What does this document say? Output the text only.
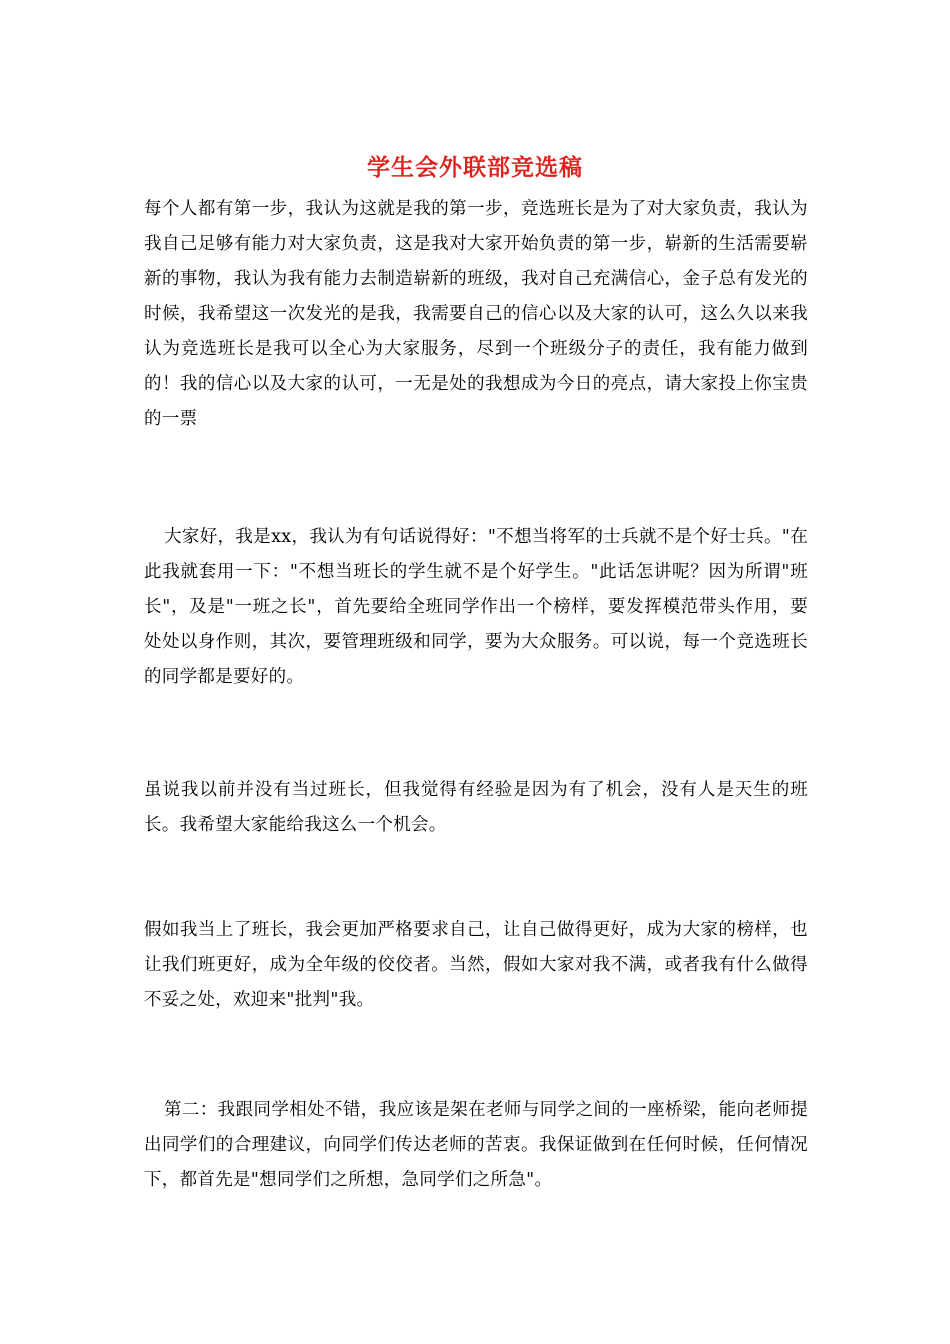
学生会外联部竞选稿

每个人都有第一步，我认为这就是我的第一步，竞选班长是为了对大家负责，我认为我自己足够有能力对大家负责，这是我对大家开始负责的第一步，崭新的生活需要崭新的事物，我认为我有能力去制造崭新的班级，我对自己充满信心，金子总有发光的时候，我希望这一次发光的是我，我需要自己的信心以及大家的认可，这么久以来我认为竞选班长是我可以全心为大家服务，尽到一个班级分子的责任，我有能力做到的！我的信心以及大家的认可，一无是处的我想成为今日的亮点，请大家投上你宝贵的一票

大家好，我是xx，我认为有句话说得好："不想当将军的士兵就不是个好士兵。"在此我就套用一下："不想当班长的学生就不是个好学生。"此话怎讲呢？因为所谓"班长"，及是"一班之长"，首先要给全班同学作出一个榜样，要发挥模范带头作用，要处处以身作则，其次，要管理班级和同学，要为大众服务。可以说，每一个竞选班长的同学都是要好的。

虽说我以前并没有当过班长，但我觉得有经验是因为有了机会，没有人是天生的班长。我希望大家能给我这么一个机会。

假如我当上了班长，我会更加严格要求自己，让自己做得更好，成为大家的榜样，也让我们班更好，成为全年级的佼佼者。当然，假如大家对我不满，或者我有什么做得不妥之处，欢迎来"批判"我。

第二：我跟同学相处不错，我应该是架在老师与同学之间的一座桥梁，能向老师提出同学们的合理建议，向同学们传达老师的苦衷。我保证做到在任何时候，任何情况下，都首先是"想同学们之所想，急同学们之所急"。
